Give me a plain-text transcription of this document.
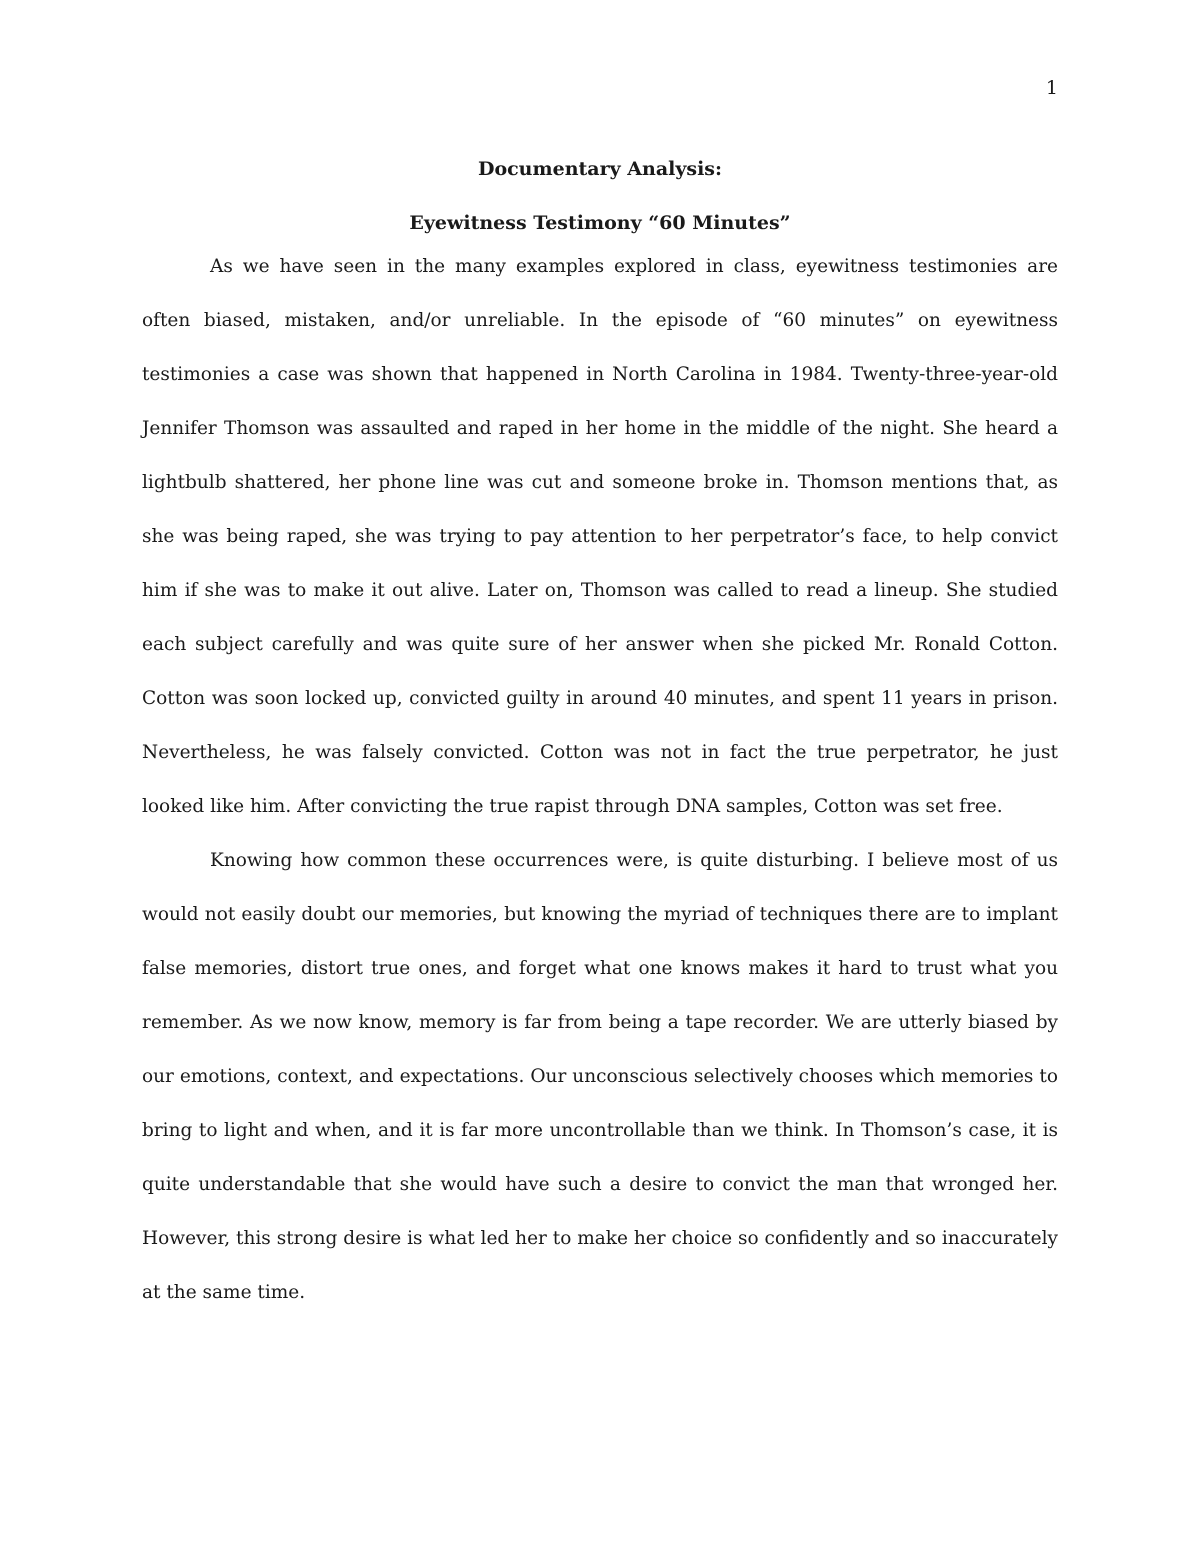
1

Documentary Analysis:

Eyewitness Testimony “60 Minutes”

As we have seen in the many examples explored in class, eyewitness testimonies are often biased, mistaken, and/or unreliable. In the episode of “60 minutes” on eyewitness testimonies a case was shown that happened in North Carolina in 1984. Twenty-three-year-old Jennifer Thomson was assaulted and raped in her home in the middle of the night. She heard a lightbulb shattered, her phone line was cut and someone broke in. Thomson mentions that, as she was being raped, she was trying to pay attention to her perpetrator’s face, to help convict him if she was to make it out alive. Later on, Thomson was called to read a lineup. She studied each subject carefully and was quite sure of her answer when she picked Mr. Ronald Cotton. Cotton was soon locked up, convicted guilty in around 40 minutes, and spent 11 years in prison. Nevertheless, he was falsely convicted. Cotton was not in fact the true perpetrator, he just looked like him. After convicting the true rapist through DNA samples, Cotton was set free.

Knowing how common these occurrences were, is quite disturbing. I believe most of us would not easily doubt our memories, but knowing the myriad of techniques there are to implant false memories, distort true ones, and forget what one knows makes it hard to trust what you remember. As we now know, memory is far from being a tape recorder. We are utterly biased by our emotions, context, and expectations. Our unconscious selectively chooses which memories to bring to light and when, and it is far more uncontrollable than we think. In Thomson’s case, it is quite understandable that she would have such a desire to convict the man that wronged her. However, this strong desire is what led her to make her choice so confidently and so inaccurately at the same time.
